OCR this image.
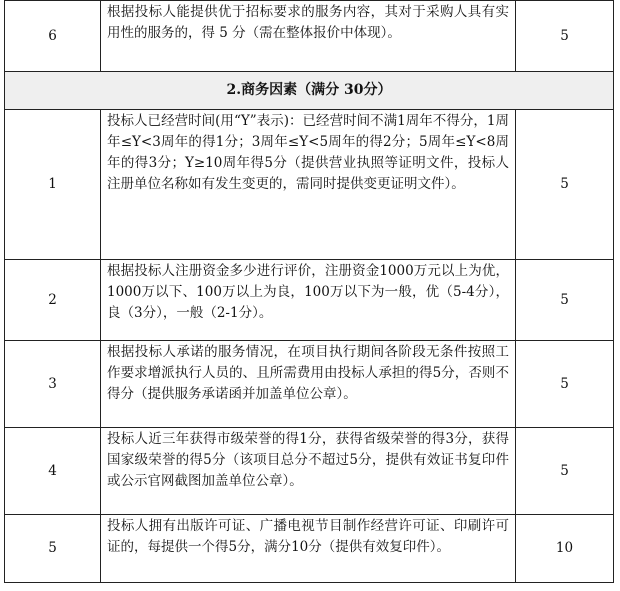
6	根据投标人能提供优于招标要求的服务内容，其对于采购人具有实用性的服务的，得 5 分（需在整体报价中体现）。	5
2.商务因素（满分 30分）		
1	投标人已经营时间(用“Y”表示)：已经营时间不满1周年不得分，1周年≤Y<3周年的得1分；3周年≤Y<5周年的得2分；5周年≤Y<8周年的得3分；Y≥10周年得5分（提供营业执照等证明文件，投标人注册单位名称如有发生变更的，需同时提供变更证明文件）。	5
2	根据投标人注册资金多少进行评价，注册资金1000万元以上为优，1000万以下、100万以上为良，100万以下为一般，优（5-4分），良（3分），一般（2-1分）。	5
3	根据投标人承诺的服务情况，在项目执行期间各阶段无条件按照工作要求增派执行人员的、且所需费用由投标人承担的得5分，否则不得分（提供服务承诺函并加盖单位公章）。	5
4	投标人近三年获得市级荣誉的得1分，获得省级荣誉的得3分，获得国家级荣誉的得5分（该项目总分不超过5分，提供有效证书复印件或公示官网截图加盖单位公章）。	5
5	投标人拥有出版许可证、广播电视节目制作经营许可证、印刷许可证的，每提供一个得5分，满分10分（提供有效复印件）。	10
